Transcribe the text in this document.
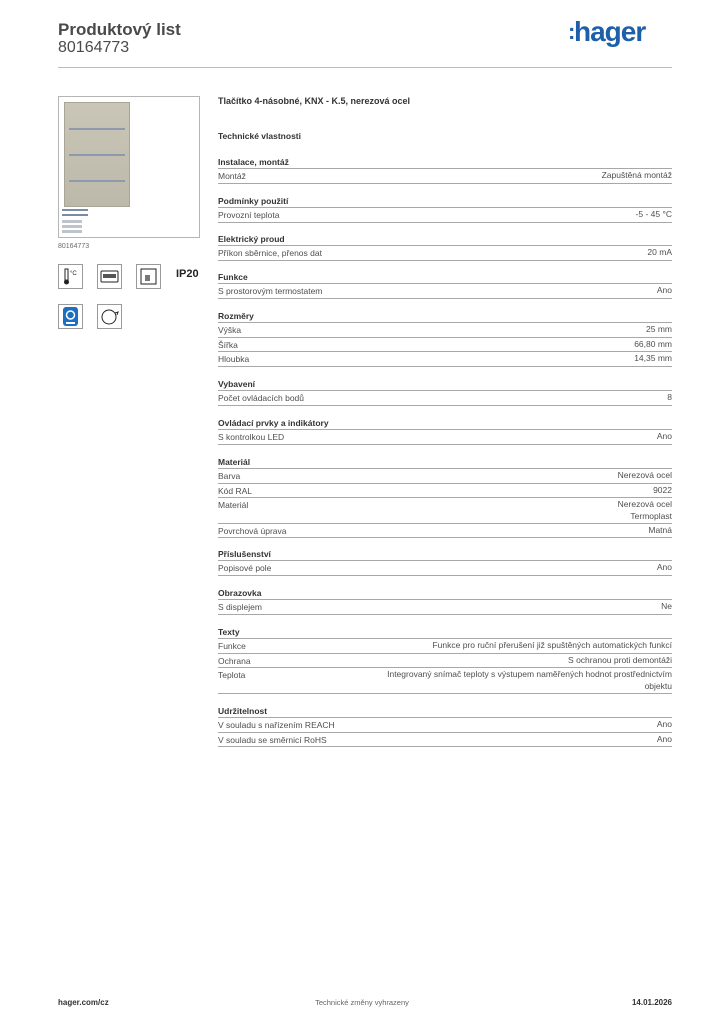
Produktový list
80164773
:hager
80164773
°C	IP20
Tlačítko 4-násobné, KNX - K.5, nerezová ocel
Technické vlastnosti
Instalace, montáž
Montáž	Zapuštěná montáž
Podmínky použití
Provozní teplota	-5 - 45 °C
Elektrický proud
Příkon sběrnice, přenos dat	20 mA
Funkce
S prostorovým termostatem	Ano
Rozměry
Výška	25 mm
Šířka	66,80 mm
Hloubka	14,35 mm
Vybavení
Počet ovládacích bodů	8
Ovládací prvky a indikátory
S kontrolkou LED	Ano
Materiál
Barva	Nerezová ocel
Kód RAL	9022
Materiál	Nerezová ocel
Termoplast
Povrchová úprava	Matná
Příslušenství
Popisové pole	Ano
Obrazovka
S displejem	Ne
Texty
Funkce	Funkce pro ruční přerušení již spuštěných automatických funkcí
Ochrana	S ochranou proti demontáži
Teplota	Integrovaný snímač teploty s výstupem naměřených hodnot prostřednictvím
objektu
Udržitelnost
V souladu s nařízením REACH	Ano
V souladu se směrnicí RoHS	Ano
hager.com/cz	Technické změny vyhrazeny	14.01.2026
